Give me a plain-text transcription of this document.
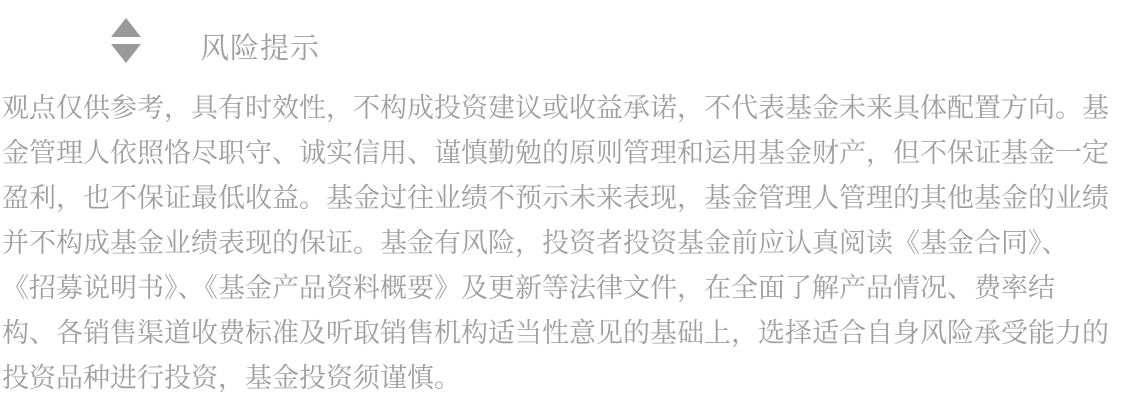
风险提示
观点仅供参考，具有时效性，不构成投资建议或收益承诺，不代表基金未来具体配置方向。基
金管理人依照恪尽职守、诚实信用、谨慎勤勉的原则管理和运用基金财产，但不保证基金一定
盈利，也不保证最低收益。基金过往业绩不预示未来表现，基金管理人管理的其他基金的业绩
并不构成基金业绩表现的保证。基金有风险，投资者投资基金前应认真阅读《基金合同》、
《招募说明书》、《基金产品资料概要》及更新等法律文件，在全面了解产品情况、费率结
构、各销售渠道收费标准及听取销售机构适当性意见的基础上，选择适合自身风险承受能力的
投资品种进行投资，基金投资须谨慎。
